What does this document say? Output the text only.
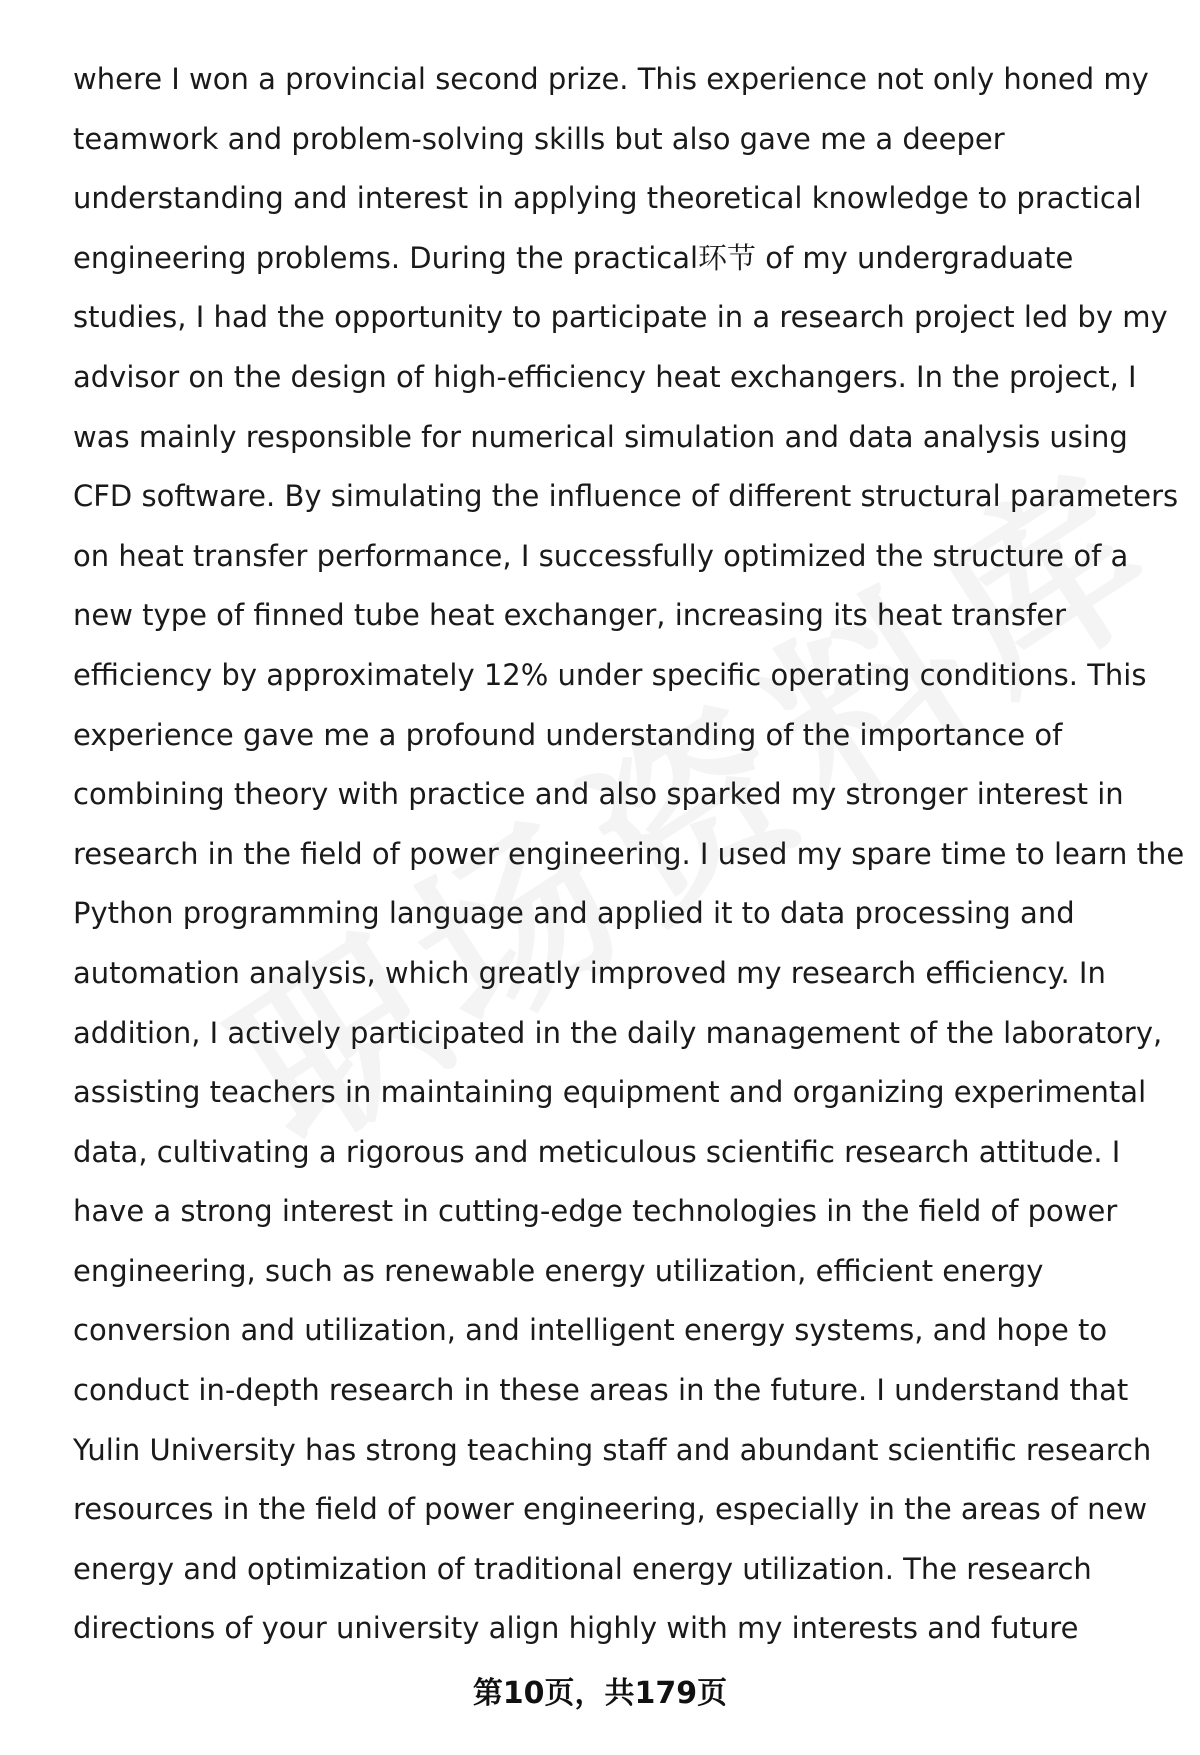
where I won a provincial second prize. This experience not only honed my
teamwork and problem-solving skills but also gave me a deeper
understanding and interest in applying theoretical knowledge to practical
engineering problems. During the practical环节 of my undergraduate
studies, I had the opportunity to participate in a research project led by my
advisor on the design of high-efficiency heat exchangers. In the project, I
was mainly responsible for numerical simulation and data analysis using
CFD software. By simulating the influence of different structural parameters
on heat transfer performance, I successfully optimized the structure of a
new type of finned tube heat exchanger, increasing its heat transfer
efficiency by approximately 12% under specific operating conditions. This
experience gave me a profound understanding of the importance of
combining theory with practice and also sparked my stronger interest in
research in the field of power engineering. I used my spare time to learn the
Python programming language and applied it to data processing and
automation analysis, which greatly improved my research efficiency. In
addition, I actively participated in the daily management of the laboratory,
assisting teachers in maintaining equipment and organizing experimental
data, cultivating a rigorous and meticulous scientific research attitude. I
have a strong interest in cutting-edge technologies in the field of power
engineering, such as renewable energy utilization, efficient energy
conversion and utilization, and intelligent energy systems, and hope to
conduct in-depth research in these areas in the future. I understand that
Yulin University has strong teaching staff and abundant scientific research
resources in the field of power engineering, especially in the areas of new
energy and optimization of traditional energy utilization. The research
directions of your university align highly with my interests and future
第10页，共179页
